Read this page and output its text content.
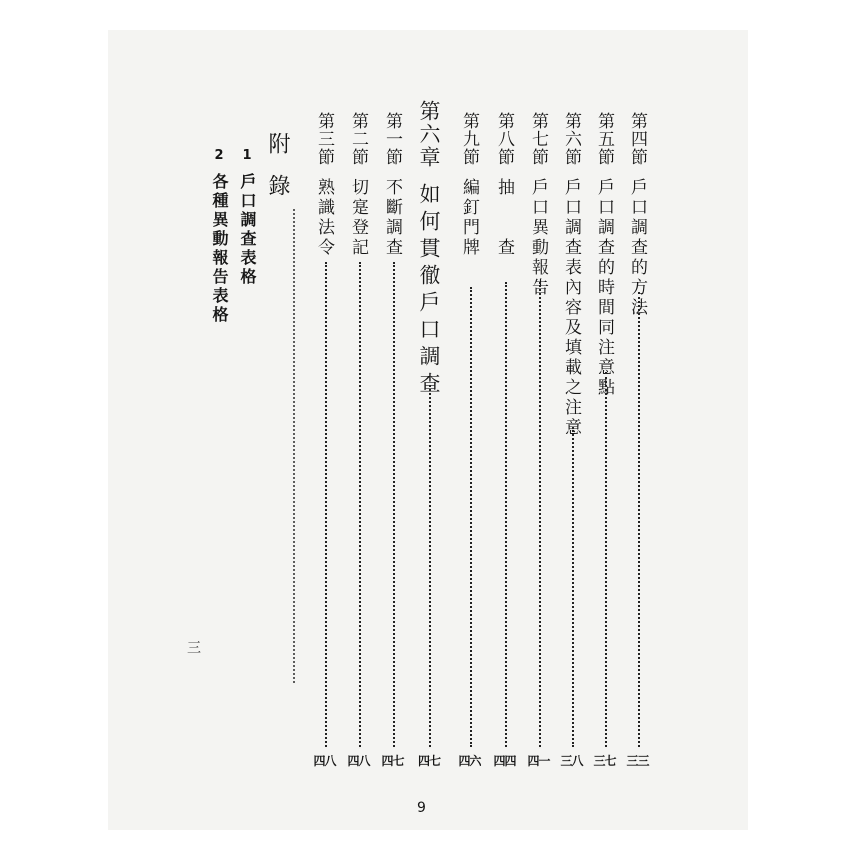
第四節戶口調查的方法
三三
第五節戶口調查的時間同注意點
三七
第六節戶口調查表內容及填載之注意
三八
第七節戶口異動報告
四一
第八節抽　　查
四四
第九節編釘門牌
四六
第六章如何貫徹戶口調查
四七
第一節不斷調查
四七
第二節切寔登記
四八
第三節熟識法令
四八
附錄
1戶口調查表格
2各種異動報告表格
三
9
